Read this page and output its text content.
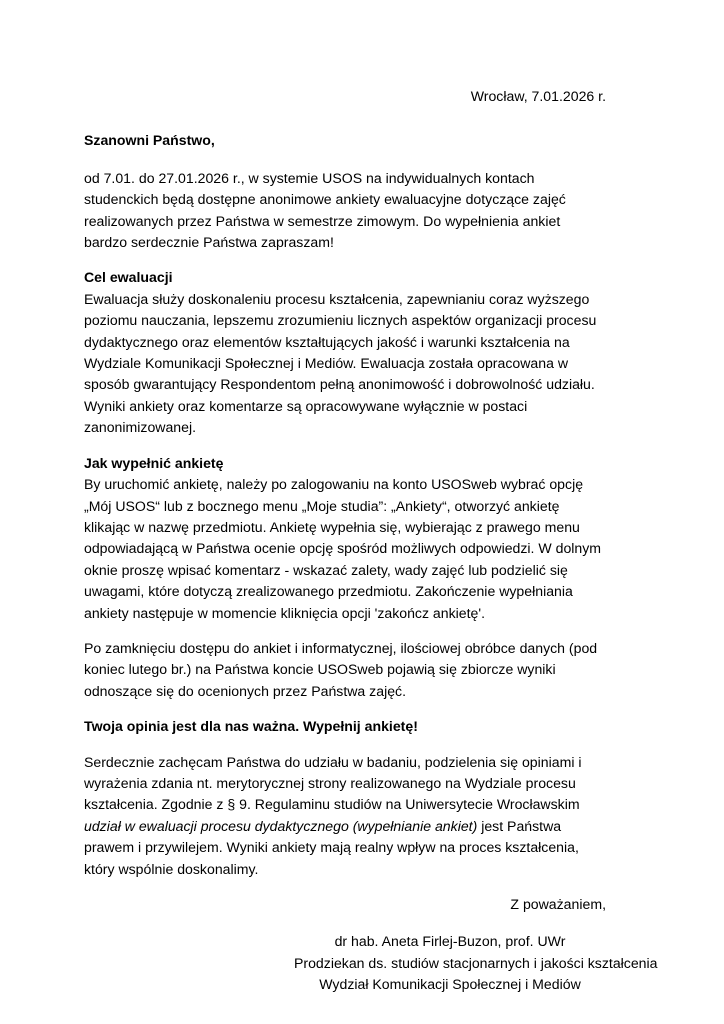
Wrocław, 7.01.2026 r.
Szanowni Państwo,

od 7.01. do 27.01.2026 r., w systemie USOS na indywidualnych kontach studenckich będą dostępne anonimowe ankiety ewaluacyjne dotyczące zajęć realizowanych przez Państwa w semestrze zimowym. Do wypełnienia ankiet bardzo serdecznie Państwa zapraszam!

Cel ewaluacji

Ewaluacja służy doskonaleniu procesu kształcenia, zapewnianiu coraz wyższego poziomu nauczania, lepszemu zrozumieniu licznych aspektów organizacji procesu dydaktycznego oraz elementów kształtujących jakość i warunki kształcenia na Wydziale Komunikacji Społecznej i Mediów. Ewaluacja została opracowana w sposób gwarantujący Respondentom pełną anonimowość i dobrowolność udziału. Wyniki ankiety oraz komentarze są opracowywane wyłącznie w postaci zanonimizowanej.

Jak wypełnić ankietę

By uruchomić ankietę, należy po zalogowaniu na konto USOSweb wybrać opcję „Mój USOS“ lub z bocznego menu „Moje studia”: „Ankiety“, otworzyć ankietę klikając w nazwę przedmiotu. Ankietę wypełnia się, wybierając z prawego menu odpowiadającą w Państwa ocenie opcję spośród możliwych odpowiedzi. W dolnym oknie proszę wpisać komentarz - wskazać zalety, wady zajęć lub podzielić się uwagami, które dotyczą zrealizowanego przedmiotu. Zakończenie wypełniania ankiety następuje w momencie kliknięcia opcji 'zakończ ankietę'.

Po zamknięciu dostępu do ankiet i informatycznej, ilościowej obróbce danych (pod koniec lutego br.) na Państwa koncie USOSweb pojawią się zbiorcze wyniki odnoszące się do ocenionych przez Państwa zajęć.

Twoja opinia jest dla nas ważna. Wypełnij ankietę!

Serdecznie zachęcam Państwa do udziału w badaniu, podzielenia się opiniami i wyrażenia zdania nt. merytorycznej strony realizowanego na Wydziale procesu kształcenia. Zgodnie z § 9. Regulaminu studiów na Uniwersytecie Wrocławskim udział w ewaluacji procesu dydaktycznego (wypełnianie ankiet) jest Państwa prawem i przywilejem. Wyniki ankiety mają realny wpływ na proces kształcenia, który wspólnie doskonalimy.

Z poważaniem,
dr hab. Aneta Firlej-Buzon, prof. UWr
Prodziekan ds. studiów stacjonarnych i jakości kształcenia
Wydział Komunikacji Społecznej i Mediów
